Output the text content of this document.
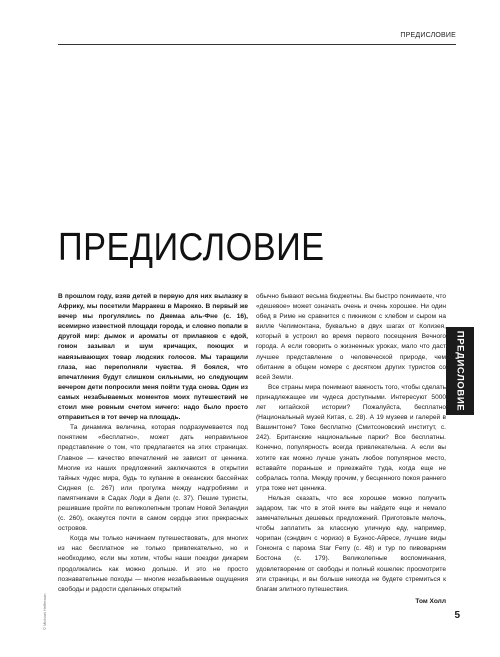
ПРЕДИСЛОВИЕ
ПРЕДИСЛОВИЕ

В прошлом году, взяв детей в первую для них вылазку в Африку, мы посетили Марракеш в Марокко. В первый же вечер мы прогулялись по Джемаа аль-Фне (с. 16), всемирно известной площади города, и словно попали в другой мир: дымок и ароматы от прилавков с едой, гомон зазывал и шум кричащих, поющих и навязывающих товар людских голосов. Мы таращили глаза, нас переполняли чувства. Я боялся, что впечатления будут слишком сильными, но следующим вечером дети попросили меня пойти туда снова. Один из самых незабываемых моментов моих путешествий не стоил мне ровным счетом ничего: надо было просто отправиться в тот вечер на площадь.

Та динамика величина, которая подразумевается под понятием «бесплатно», может дать неправильное представление о том, что предлагается на этих страницах. Главное — качество впечатлений не зависит от ценника. Многие из наших предложений заключаются в открытии тайных чудес мира, будь то купание в океанских бассейнах Сиднея (с. 267) или прогулка между надгробиями и памятниками в Садах Лоди в Дели (с. 37). Пешие туристы, решившие пройти по великолепным тропам Новой Зеландии (с. 260), окажутся почти в самом сердце этих прекрасных островов.

Когда мы только начинаем путешествовать, для многих из нас бесплатное не только привлекательно, но и необходимо, если мы хотим, чтобы наши поездки дикарем продолжались как можно дольше. И это не просто познавательные походы — многие незабываемые ощущения свободы и радости сделанных открытий

обычно бывают весьма бюджетны. Вы быстро понимаете, что «дешевое» может означать очень и очень хорошее. Ни один обед в Риме не сравнится с пикником с хлебом и сыром на виллe Челимонтана, буквально в двух шагах от Колизея, который в устроил во время первого посещения Вечного города. А если говорить о жизненных уроках, мало что даст лучшее представление о человеческой природе, чем обитание в общем номере с десятком других туристов со всей Земли.

Все страны мира понимают важность того, чтобы сделать принадлежащее им чудеса доступными. Интересуют 5000 лет китайской истории? Пожалуйста, бесплатно (Национальный музей Китая, с. 28). А 19 музеев и галерей в Вашингтоне? Тоже бесплатно (Смитсоновский институт, с. 242). Британские национальные парки? Все бесплатны. Конечно, популярность всегда привлекательна. А если вы хотите как можно лучше узнать любое популярное место, вставайте пораньше и приезжайте туда, когда еще не собралась толпа. Между прочим, у бесценного покоя раннего утра тоже нет ценника.

Нельзя сказать, что все хорошее можно получить задаром, так что в этой книге вы найдете еще и немало замечательных дешевых предложений. Приготовьте мелочь, чтобы заплатить за классную уличную еду, например, чорипан (сэндвич с чоризо) в Буэнос-Айресе, лучшие виды Гонконга с парома Star Ferry (с. 48) и тур по пивоварням Бостона (с. 179). Великолепные воспоминания, удовлетворение от свободы и полный кошелек: просмотрите эти страницы, и вы больше никогда не будете стремиться к благам элитного путешествия.

Том Холл

ПРЕДИСЛОВИЕ
© Michael Heffernan	5
